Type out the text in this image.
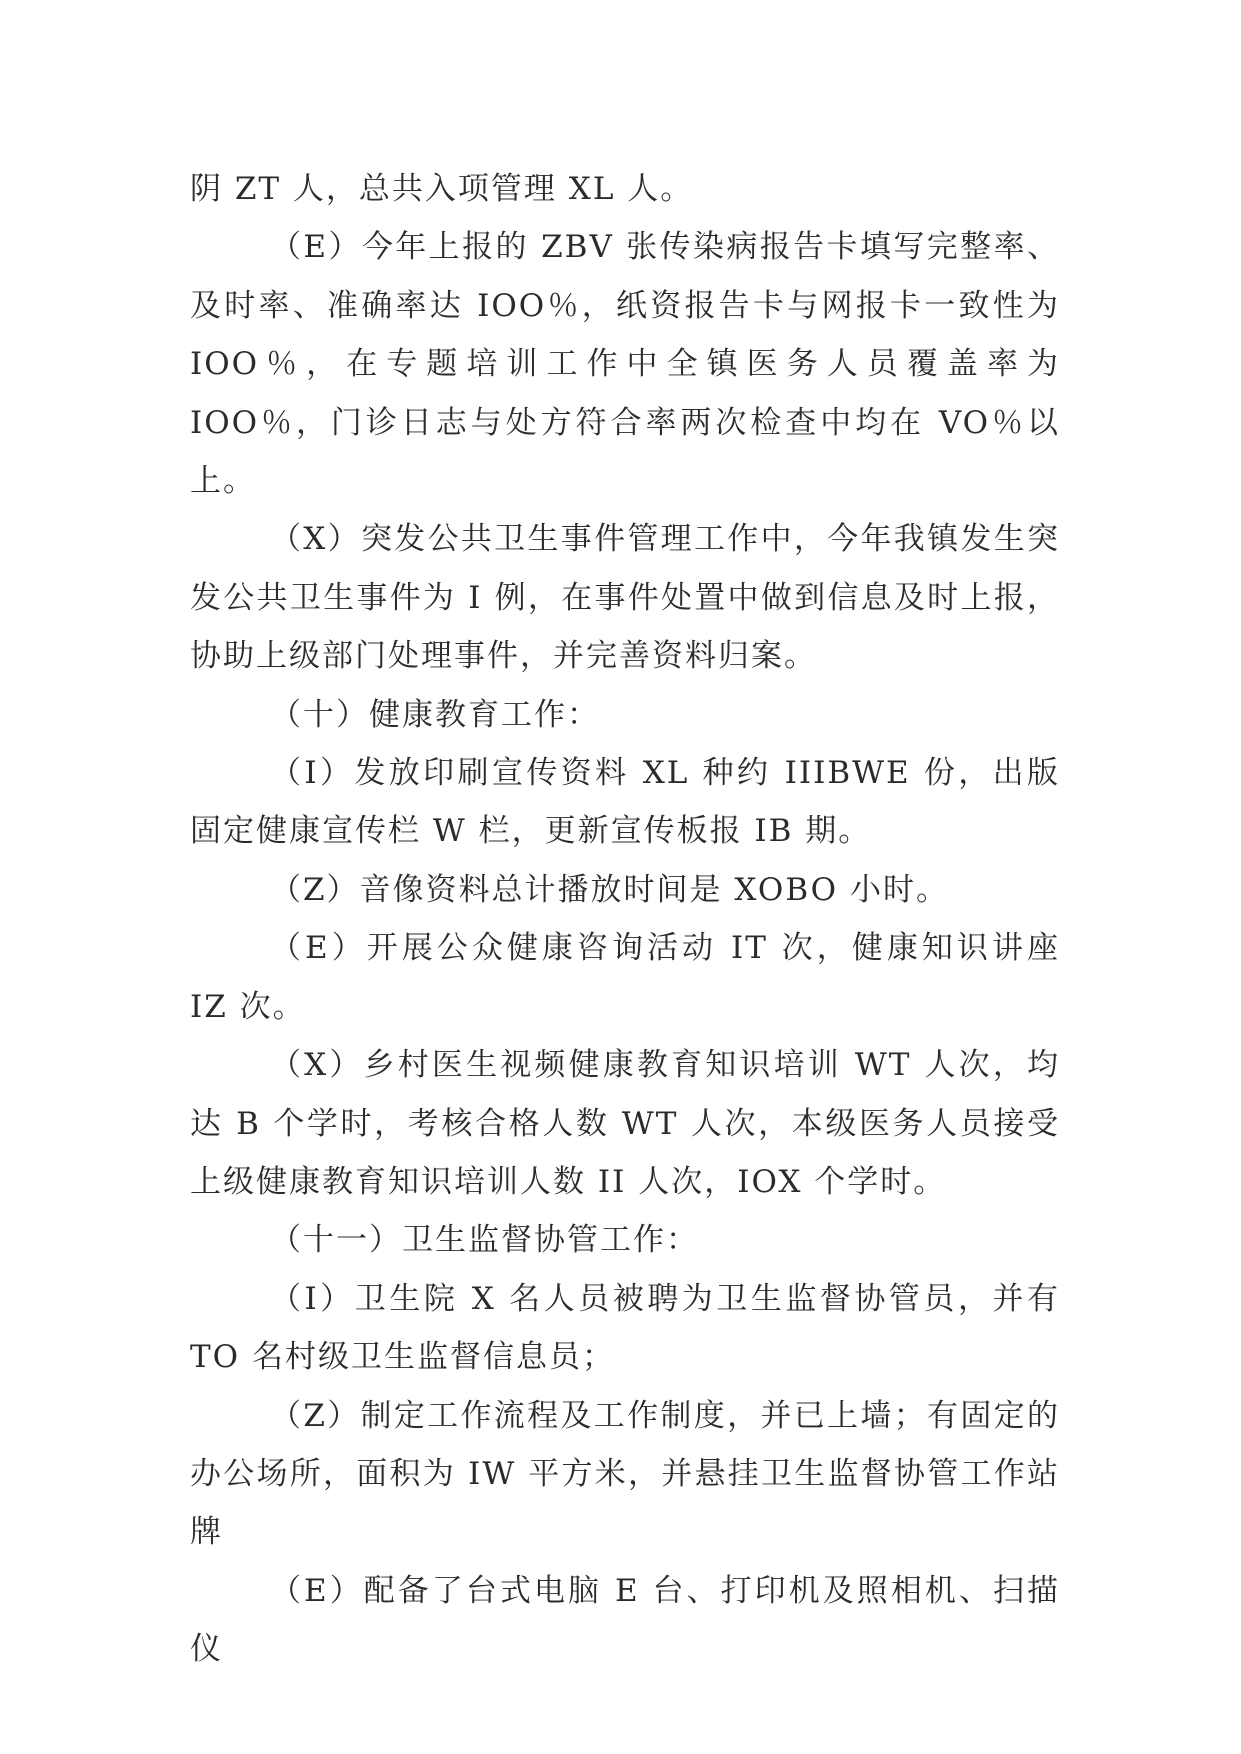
阴 ZT 人，总共入项管理 XL 人。

（E）今年上报的 ZBV 张传染病报告卡填写完整率、及时率、准确率达 IOO％，纸资报告卡与网报卡一致性为 IOO％，在专题培训工作中全镇医务人员覆盖率为 IOO％，门诊日志与处方符合率两次检查中均在 VO％以上。

（X）突发公共卫生事件管理工作中，今年我镇发生突发公共卫生事件为 I 例，在事件处置中做到信息及时上报，协助上级部门处理事件，并完善资料归案。

（十）健康教育工作：

（I）发放印刷宣传资料 XL 种约 IIIBWE 份，出版固定健康宣传栏 W 栏，更新宣传板报 IB 期。

（Z）音像资料总计播放时间是 XOBO 小时。

（E）开展公众健康咨询活动 IT 次，健康知识讲座 IZ 次。

（X）乡村医生视频健康教育知识培训 WT 人次，均达 B 个学时，考核合格人数 WT 人次，本级医务人员接受上级健康教育知识培训人数 II 人次，IOX 个学时。

（十一）卫生监督协管工作：

（I）卫生院 X 名人员被聘为卫生监督协管员，并有 TO 名村级卫生监督信息员；

（Z）制定工作流程及工作制度，并已上墙；有固定的办公场所，面积为 IW 平方米，并悬挂卫生监督协管工作站牌

（E）配备了台式电脑 E 台、打印机及照相机、扫描仪
